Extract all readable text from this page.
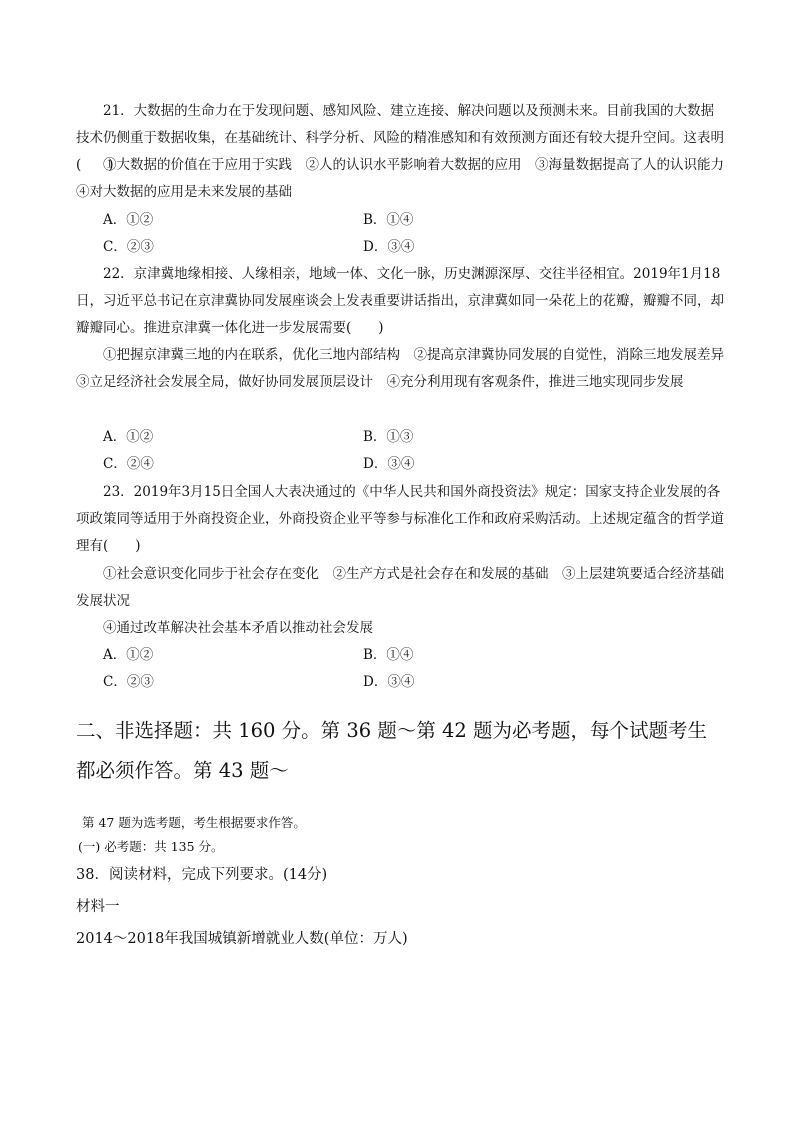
21．大数据的生命力在于发现问题、感知风险、建立连接、解决问题以及预测未来。目前我国的大数据技术仍侧重于数据收集，在基础统计、科学分析、风险的精准感知和有效预测方面还有较大提升空间。这表明(　　)

①大数据的价值在于应用于实践　②人的认识水平影响着大数据的应用　③海量数据提高了人的认识能力　④对大数据的应用是未来发展的基础

A．①②	B．①④
C．②③	D．③④

22．京津冀地缘相接、人缘相亲，地域一体、文化一脉，历史渊源深厚、交往半径相宜。2019年1月18日，习近平总书记在京津冀协同发展座谈会上发表重要讲话指出，京津冀如同一朵花上的花瓣，瓣瓣不同，却瓣瓣同心。推进京津冀一体化进一步发展需要(　　)

①把握京津冀三地的内在联系，优化三地内部结构　②提高京津冀协同发展的自觉性，消除三地发展差异　③立足经济社会发展全局，做好协同发展顶层设计　④充分利用现有客观条件，推进三地实现同步发展

A．①②	B．①③
C．②④	D．③④

23．2019年3月15日全国人大表决通过的《中华人民共和国外商投资法》规定：国家支持企业发展的各项政策同等适用于外商投资企业，外商投资企业平等参与标准化工作和政府采购活动。上述规定蕴含的哲学道理有(　　)

①社会意识变化同步于社会存在变化　②生产方式是社会存在和发展的基础　③上层建筑要适合经济基础发展状况

④通过改革解决社会基本矛盾以推动社会发展

A．①②	B．①④
C．②③	D．③④
二、非选择题：共 160 分。第 36 题～第 42 题为必考题，每个试题考生都必须作答。第 43 题～
第 47 题为选考题，考生根据要求作答。
(一) 必考题：共 135 分。
38．阅读材料，完成下列要求。(14分)
材料一
2014～2018年我国城镇新增就业人数(单位：万人)
